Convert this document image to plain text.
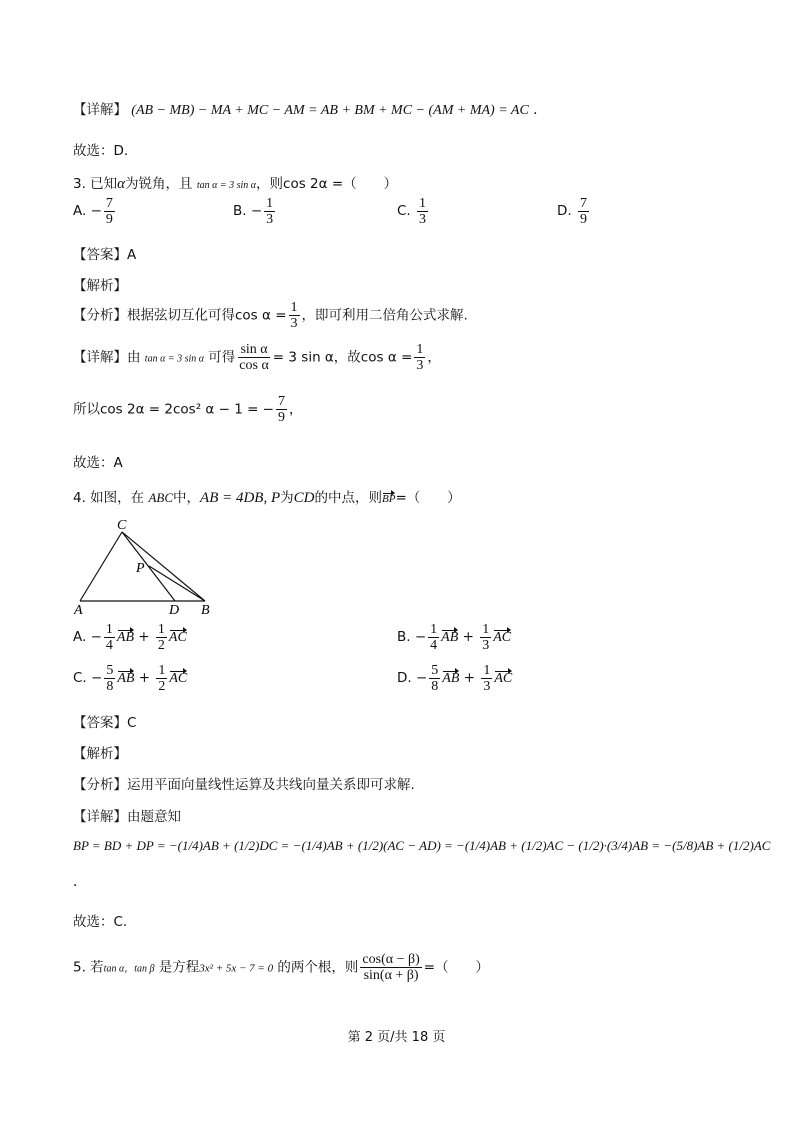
【详解】 (AB − MB) − MA + MC − AM = AB + BM + MC − (AM + MA) = AC .
故选：D.
3. 已知α为锐角，且 tan α = 3 sin α，则cos 2α =（　　）
A. − $\frac{7}{9}$	B. − $\frac{1}{3}$	C. $\frac{1}{3}$	D. $\frac{7}{9}$
【答案】A
【解析】
【分析】根据弦切互化可得$\cos \alpha = \frac{1}{3}$ ，即可利用二倍角公式求解.
【详解】由 tan α = 3 sin α 可得 $\frac{\text{sin α}}{\text{cos α}} = 3$ sin α，故$\cos \alpha = \frac{1}{3}$ ，
所以cos 2α = 2cos² α − 1 = − $\frac{7}{9}$ ，
故选：A
4. 如图，在 ABC中，AB = 4DB, P为CD的中点，则BP=（　　）
C
P
A	D B
A. − $\frac{1}{4}$ AB + $\frac{1}{2}$ AC	B. − $\frac{1}{4}$ AB + $\frac{1}{3}$ AC
C. − $\frac{5}{8}$ AB + $\frac{1}{2}$ AC	D. − $\frac{5}{8}$ AB + $\frac{1}{3}$ AC
【答案】C
【解析】
【分析】运用平面向量线性运算及共线向量关系即可求解.
【详解】由题意知
BP = BD + DP = −(1/4)AB + (1/2)DC = −(1/4)AB + (1/2)(AC − AD) = −(1/4)AB + (1/2)AC − (1/2)·(3/4)AB = −(5/8)AB + (1/2)AC
.
故选：C.
5. 若tan α，tan β 是方程3x² + 5x − 7 = 0 的两个根，则 $\frac{\cos(\alpha - \beta)}{\sin(\alpha + \beta)}$ =（　　）
第 2 页/共 18 页
